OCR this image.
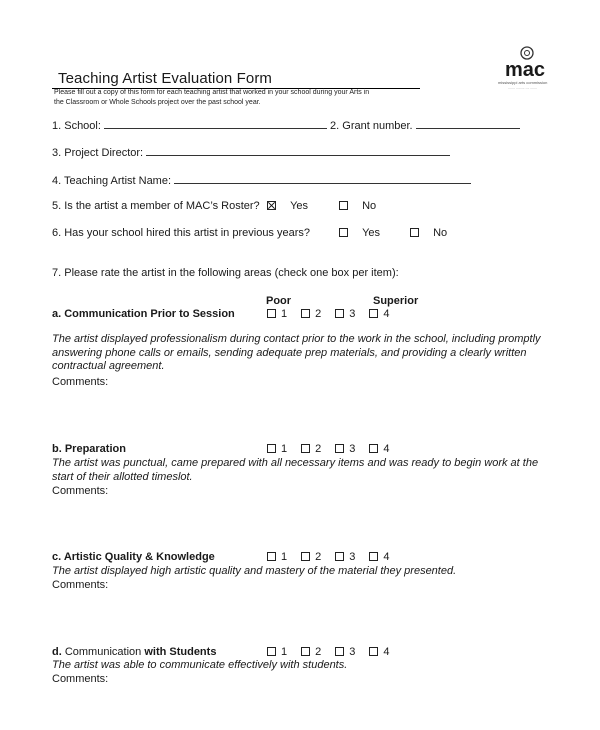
mac
mississippi arts commission
....... ......... .... .......
Teaching Artist Evaluation Form
Please fill out a copy of this form for each teaching artist that worked in your school during your Arts in
the Classroom or Whole Schools project over the past school year.
1. School:	2. Grant number.
3. Project Director:
4. Teaching Artist Name:
5. Is the artist a member of MAC’s Roster?	Yes	No
6. Has your school hired this artist in previous years?	Yes	No
7. Please rate the artist in the following areas (check one box per item):
Poor	Superior
a. Communication Prior to Session	1	2	3	4
The artist displayed professionalism during contact prior to the work in the school, including promptly answering phone calls or emails, sending adequate prep materials, and providing a clearly written contractual agreement.
Comments:
b. Preparation	1	2	3	4
The artist was punctual, came prepared with all necessary items and was ready to begin work at the start of their allotted timeslot.
Comments:
c. Artistic Quality & Knowledge	1	2	3	4
The artist displayed high artistic quality and mastery of the material they presented.
Comments:
d. Communication with Students	1	2	3	4
The artist was able to communicate effectively with students.
Comments:
